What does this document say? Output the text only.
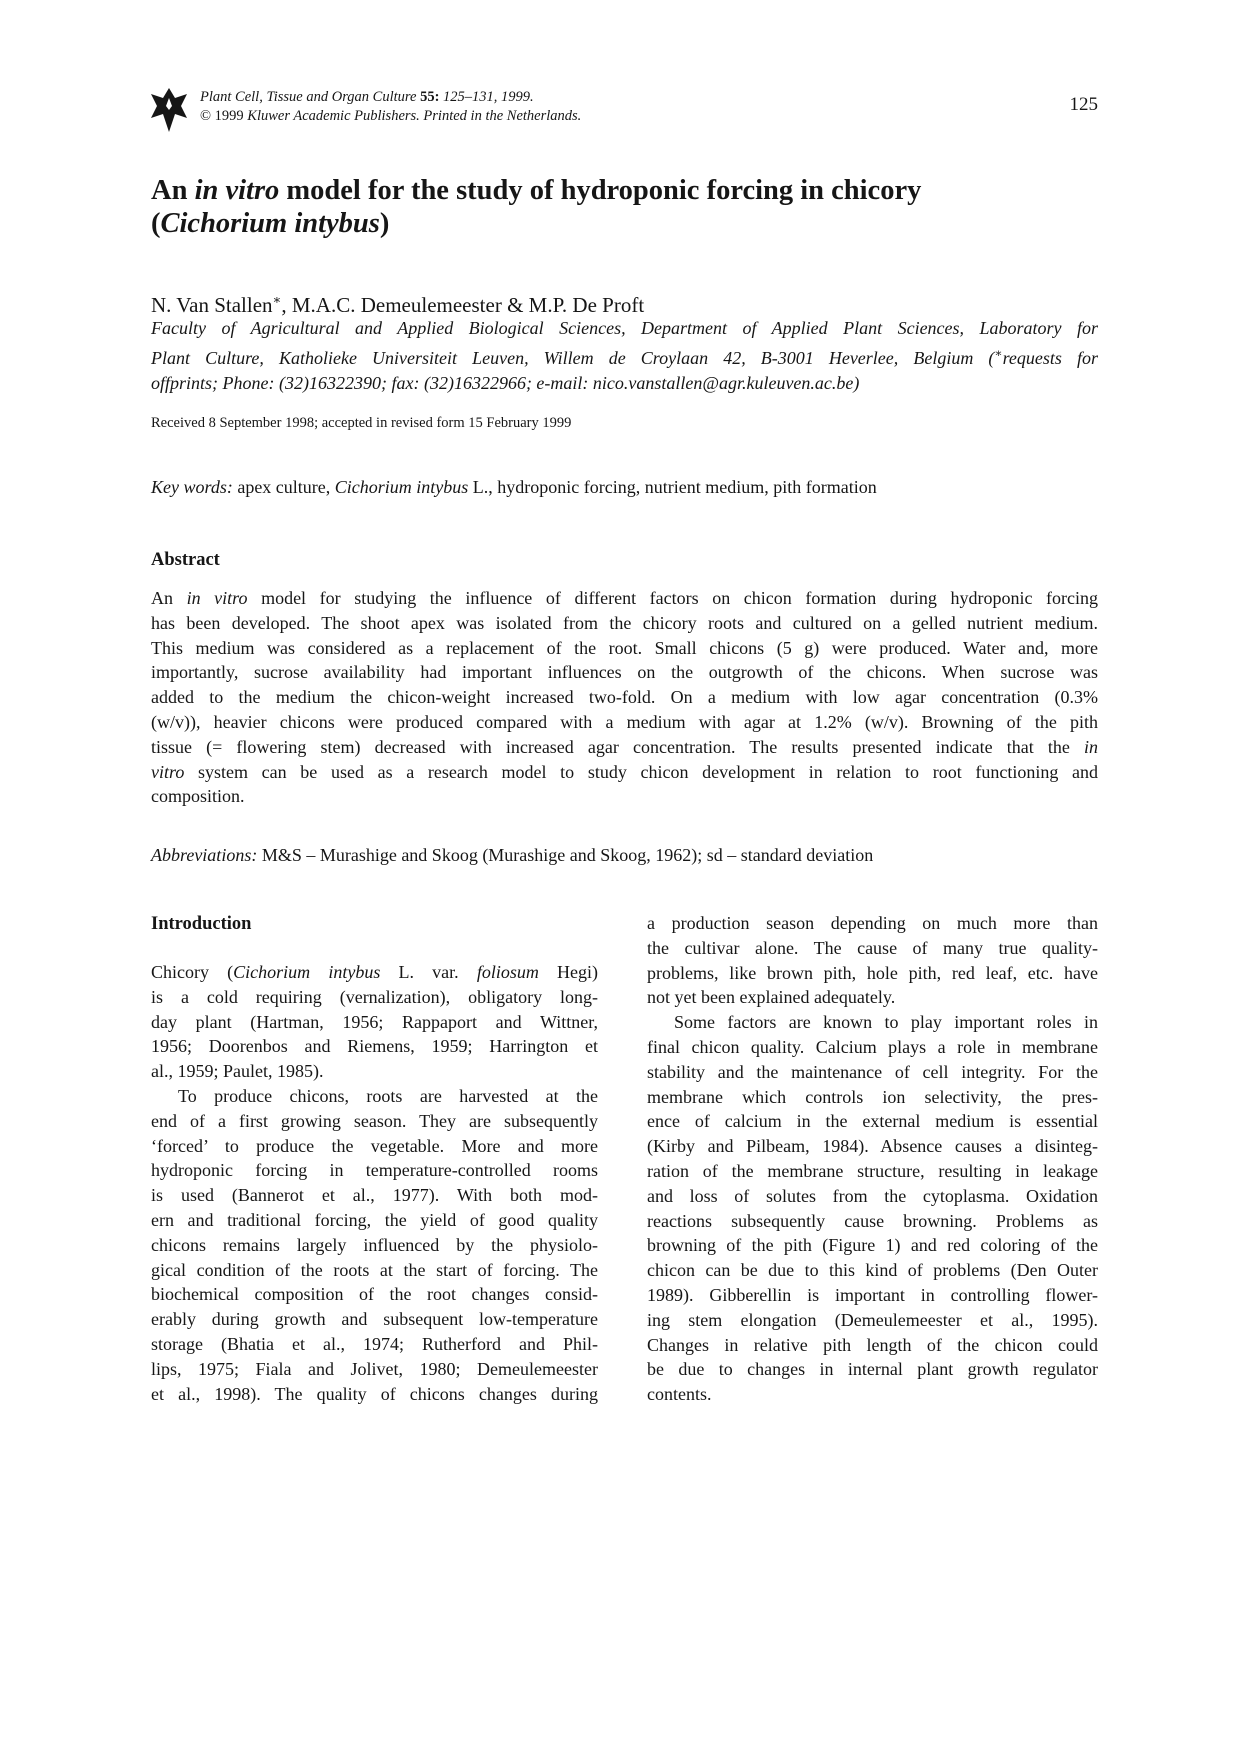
Plant Cell, Tissue and Organ Culture 55: 125–131, 1999.
© 1999 Kluwer Academic Publishers. Printed in the Netherlands.
125
An in vitro model for the study of hydroponic forcing in chicory
(Cichorium intybus)
N. Van Stallen∗, M.A.C. Demeulemeester & M.P. De Proft
Faculty of Agricultural and Applied Biological Sciences, Department of Applied Plant Sciences, Laboratory for
Plant Culture, Katholieke Universiteit Leuven, Willem de Croylaan 42, B-3001 Heverlee, Belgium (∗requests for
offprints; Phone: (32)16322390; fax: (32)16322966; e-mail: nico.vanstallen@agr.kuleuven.ac.be)
Received 8 September 1998; accepted in revised form 15 February 1999
Key words: apex culture, Cichorium intybus L., hydroponic forcing, nutrient medium, pith formation
Abstract
An in vitro model for studying the influence of different factors on chicon formation during hydroponic forcing
has been developed. The shoot apex was isolated from the chicory roots and cultured on a gelled nutrient medium.
This medium was considered as a replacement of the root. Small chicons (5 g) were produced. Water and, more
importantly, sucrose availability had important influences on the outgrowth of the chicons. When sucrose was
added to the medium the chicon-weight increased two-fold. On a medium with low agar concentration (0.3%
(w/v)), heavier chicons were produced compared with a medium with agar at 1.2% (w/v). Browning of the pith
tissue (= flowering stem) decreased with increased agar concentration. The results presented indicate that the in
vitro system can be used as a research model to study chicon development in relation to root functioning and
composition.
Abbreviations: M&S – Murashige and Skoog (Murashige and Skoog, 1962); sd – standard deviation
Introduction
Chicory (Cichorium intybus L. var. foliosum Hegi)
is a cold requiring (vernalization), obligatory long-
day plant (Hartman, 1956; Rappaport and Wittner,
1956; Doorenbos and Riemens, 1959; Harrington et
al., 1959; Paulet, 1985).
To produce chicons, roots are harvested at the
end of a first growing season. They are subsequently
‘forced’ to produce the vegetable. More and more
hydroponic forcing in temperature-controlled rooms
is used (Bannerot et al., 1977). With both mod-
ern and traditional forcing, the yield of good quality
chicons remains largely influenced by the physiolo-
gical condition of the roots at the start of forcing. The
biochemical composition of the root changes consid-
erably during growth and subsequent low-temperature
storage (Bhatia et al., 1974; Rutherford and Phil-
lips, 1975; Fiala and Jolivet, 1980; Demeulemeester
et al., 1998). The quality of chicons changes during
a production season depending on much more than
the cultivar alone. The cause of many true quality-
problems, like brown pith, hole pith, red leaf, etc. have
not yet been explained adequately.
Some factors are known to play important roles in
final chicon quality. Calcium plays a role in membrane
stability and the maintenance of cell integrity. For the
membrane which controls ion selectivity, the pres-
ence of calcium in the external medium is essential
(Kirby and Pilbeam, 1984). Absence causes a disinteg-
ration of the membrane structure, resulting in leakage
and loss of solutes from the cytoplasma. Oxidation
reactions subsequently cause browning. Problems as
browning of the pith (Figure 1) and red coloring of the
chicon can be due to this kind of problems (Den Outer
1989). Gibberellin is important in controlling flower-
ing stem elongation (Demeulemeester et al., 1995).
Changes in relative pith length of the chicon could
be due to changes in internal plant growth regulator
contents.
